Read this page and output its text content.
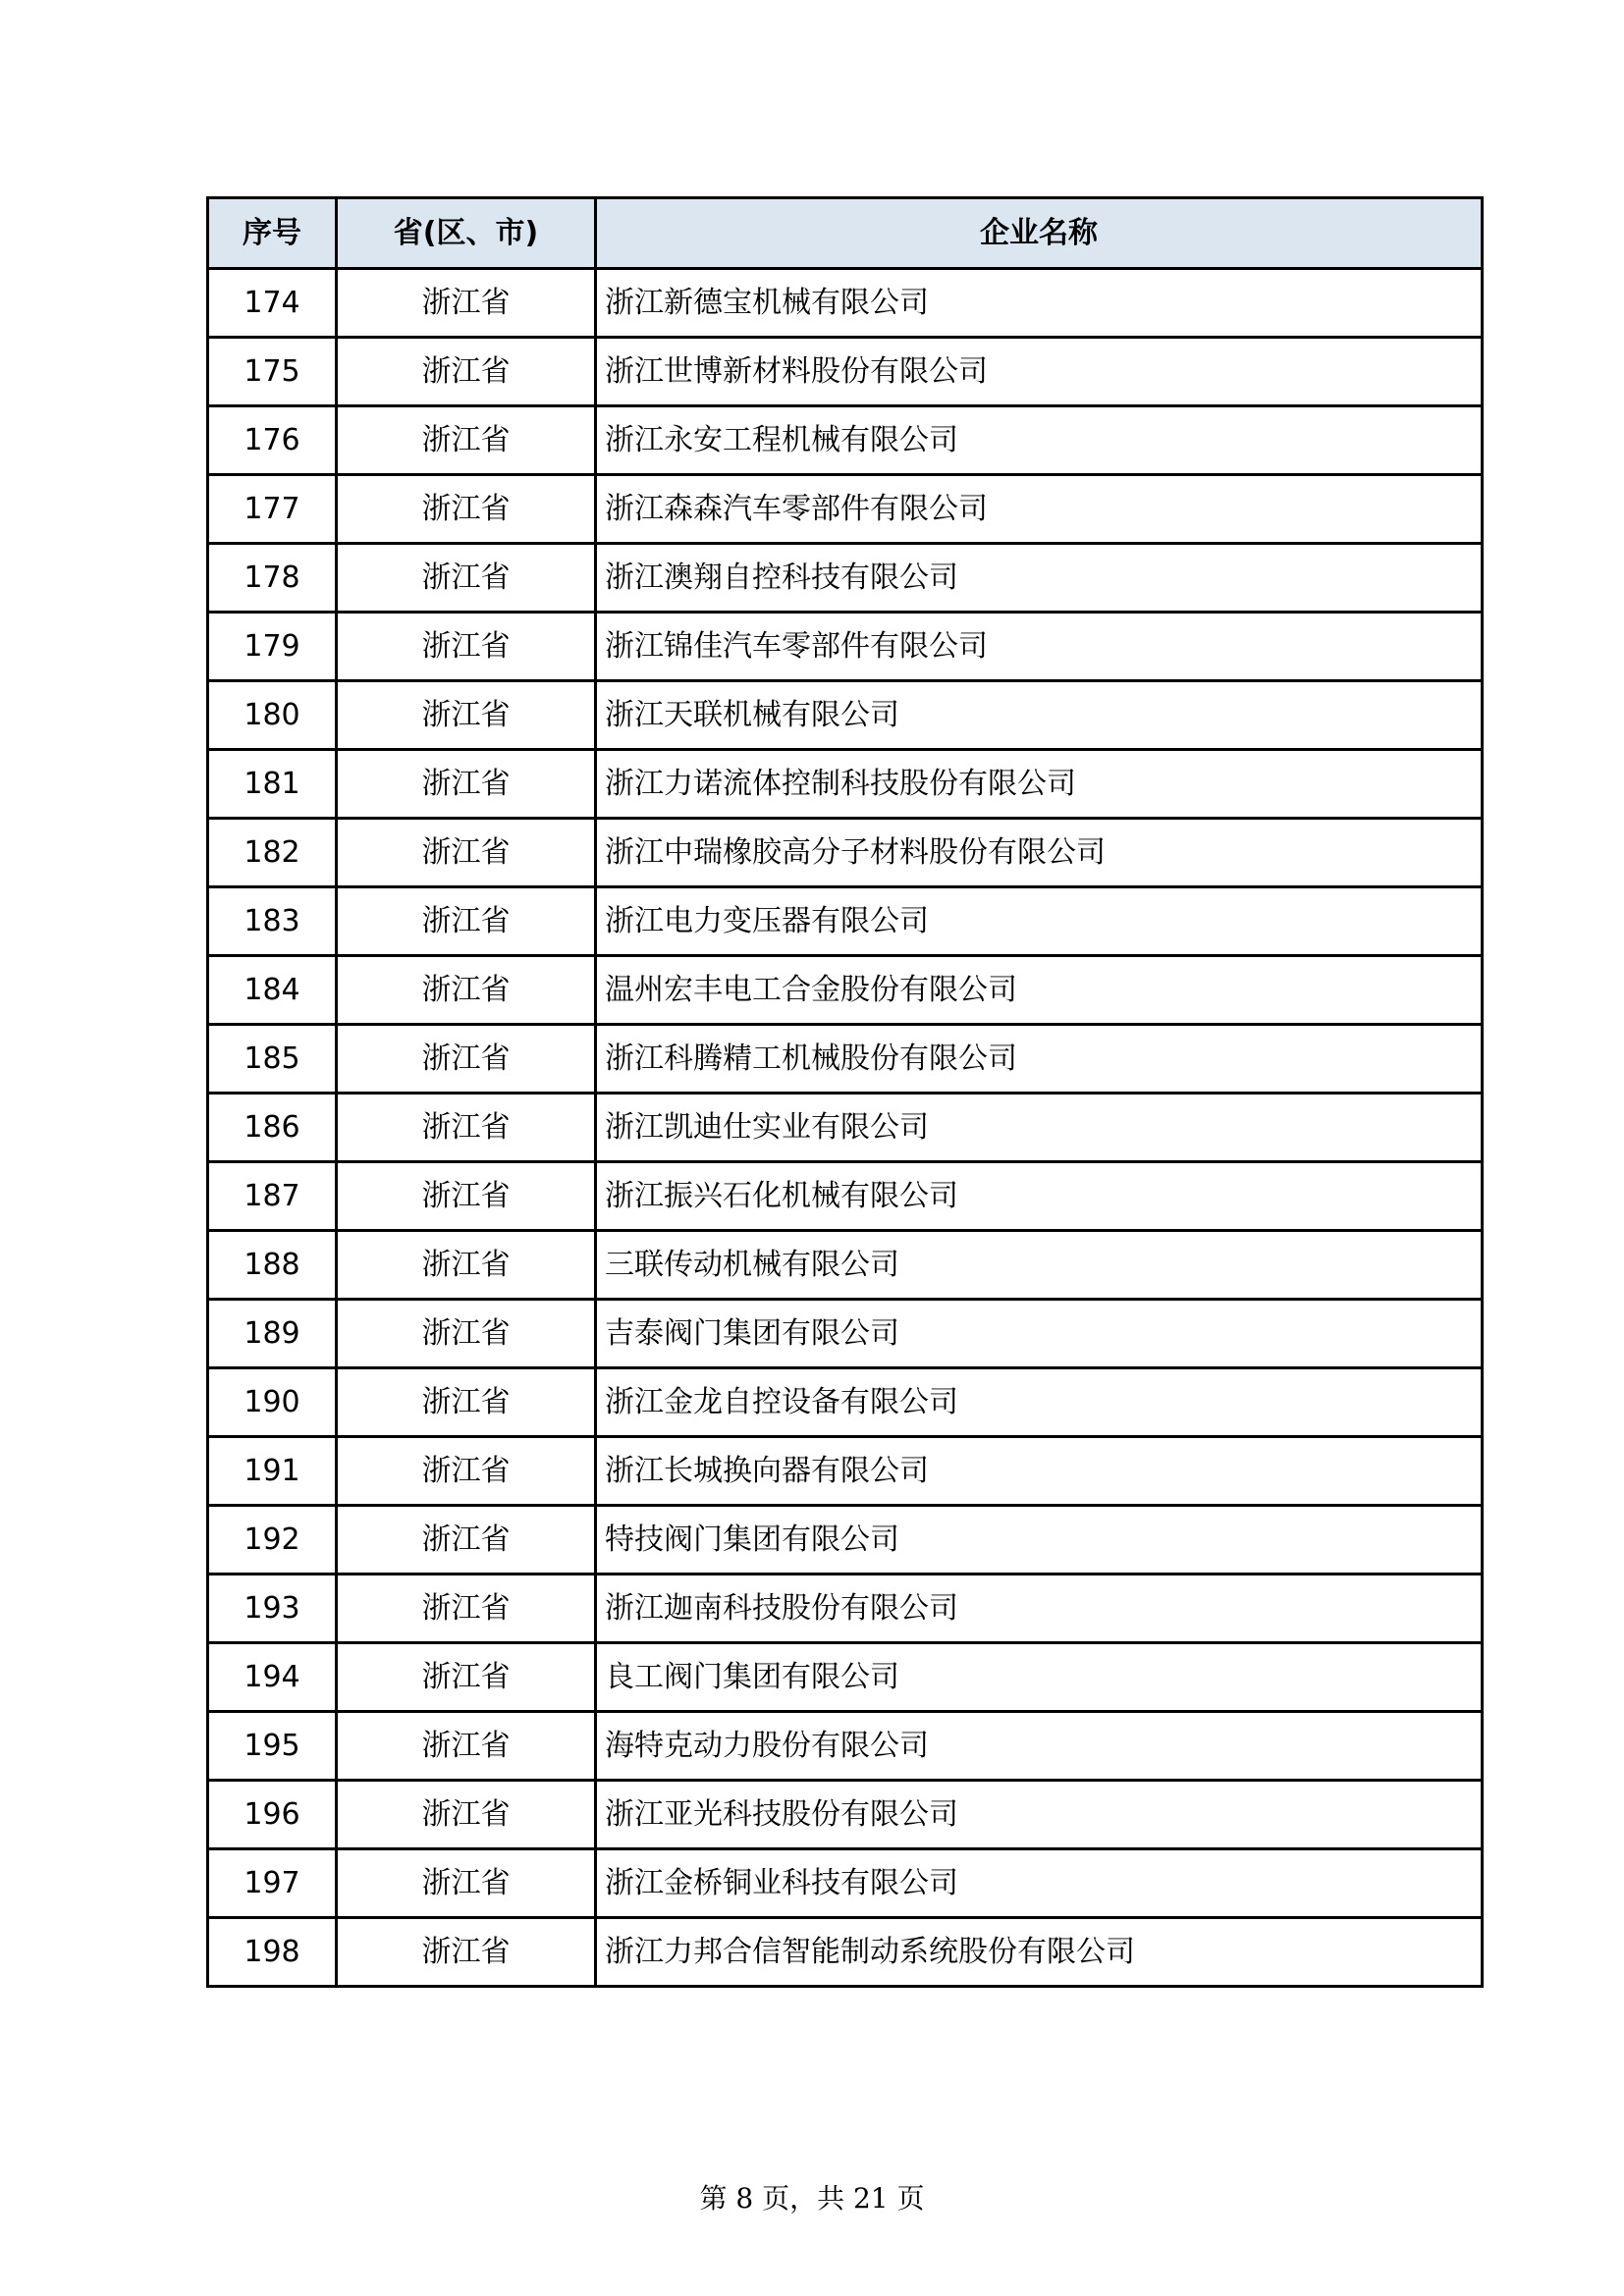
序号	省(区、市)	企业名称
174	浙江省	浙江新德宝机械有限公司
175	浙江省	浙江世博新材料股份有限公司
176	浙江省	浙江永安工程机械有限公司
177	浙江省	浙江森森汽车零部件有限公司
178	浙江省	浙江澳翔自控科技有限公司
179	浙江省	浙江锦佳汽车零部件有限公司
180	浙江省	浙江天联机械有限公司
181	浙江省	浙江力诺流体控制科技股份有限公司
182	浙江省	浙江中瑞橡胶高分子材料股份有限公司
183	浙江省	浙江电力变压器有限公司
184	浙江省	温州宏丰电工合金股份有限公司
185	浙江省	浙江科腾精工机械股份有限公司
186	浙江省	浙江凯迪仕实业有限公司
187	浙江省	浙江振兴石化机械有限公司
188	浙江省	三联传动机械有限公司
189	浙江省	吉泰阀门集团有限公司
190	浙江省	浙江金龙自控设备有限公司
191	浙江省	浙江长城换向器有限公司
192	浙江省	特技阀门集团有限公司
193	浙江省	浙江迦南科技股份有限公司
194	浙江省	良工阀门集团有限公司
195	浙江省	海特克动力股份有限公司
196	浙江省	浙江亚光科技股份有限公司
197	浙江省	浙江金桥铜业科技有限公司
198	浙江省	浙江力邦合信智能制动系统股份有限公司
第 8 页，共 21 页
